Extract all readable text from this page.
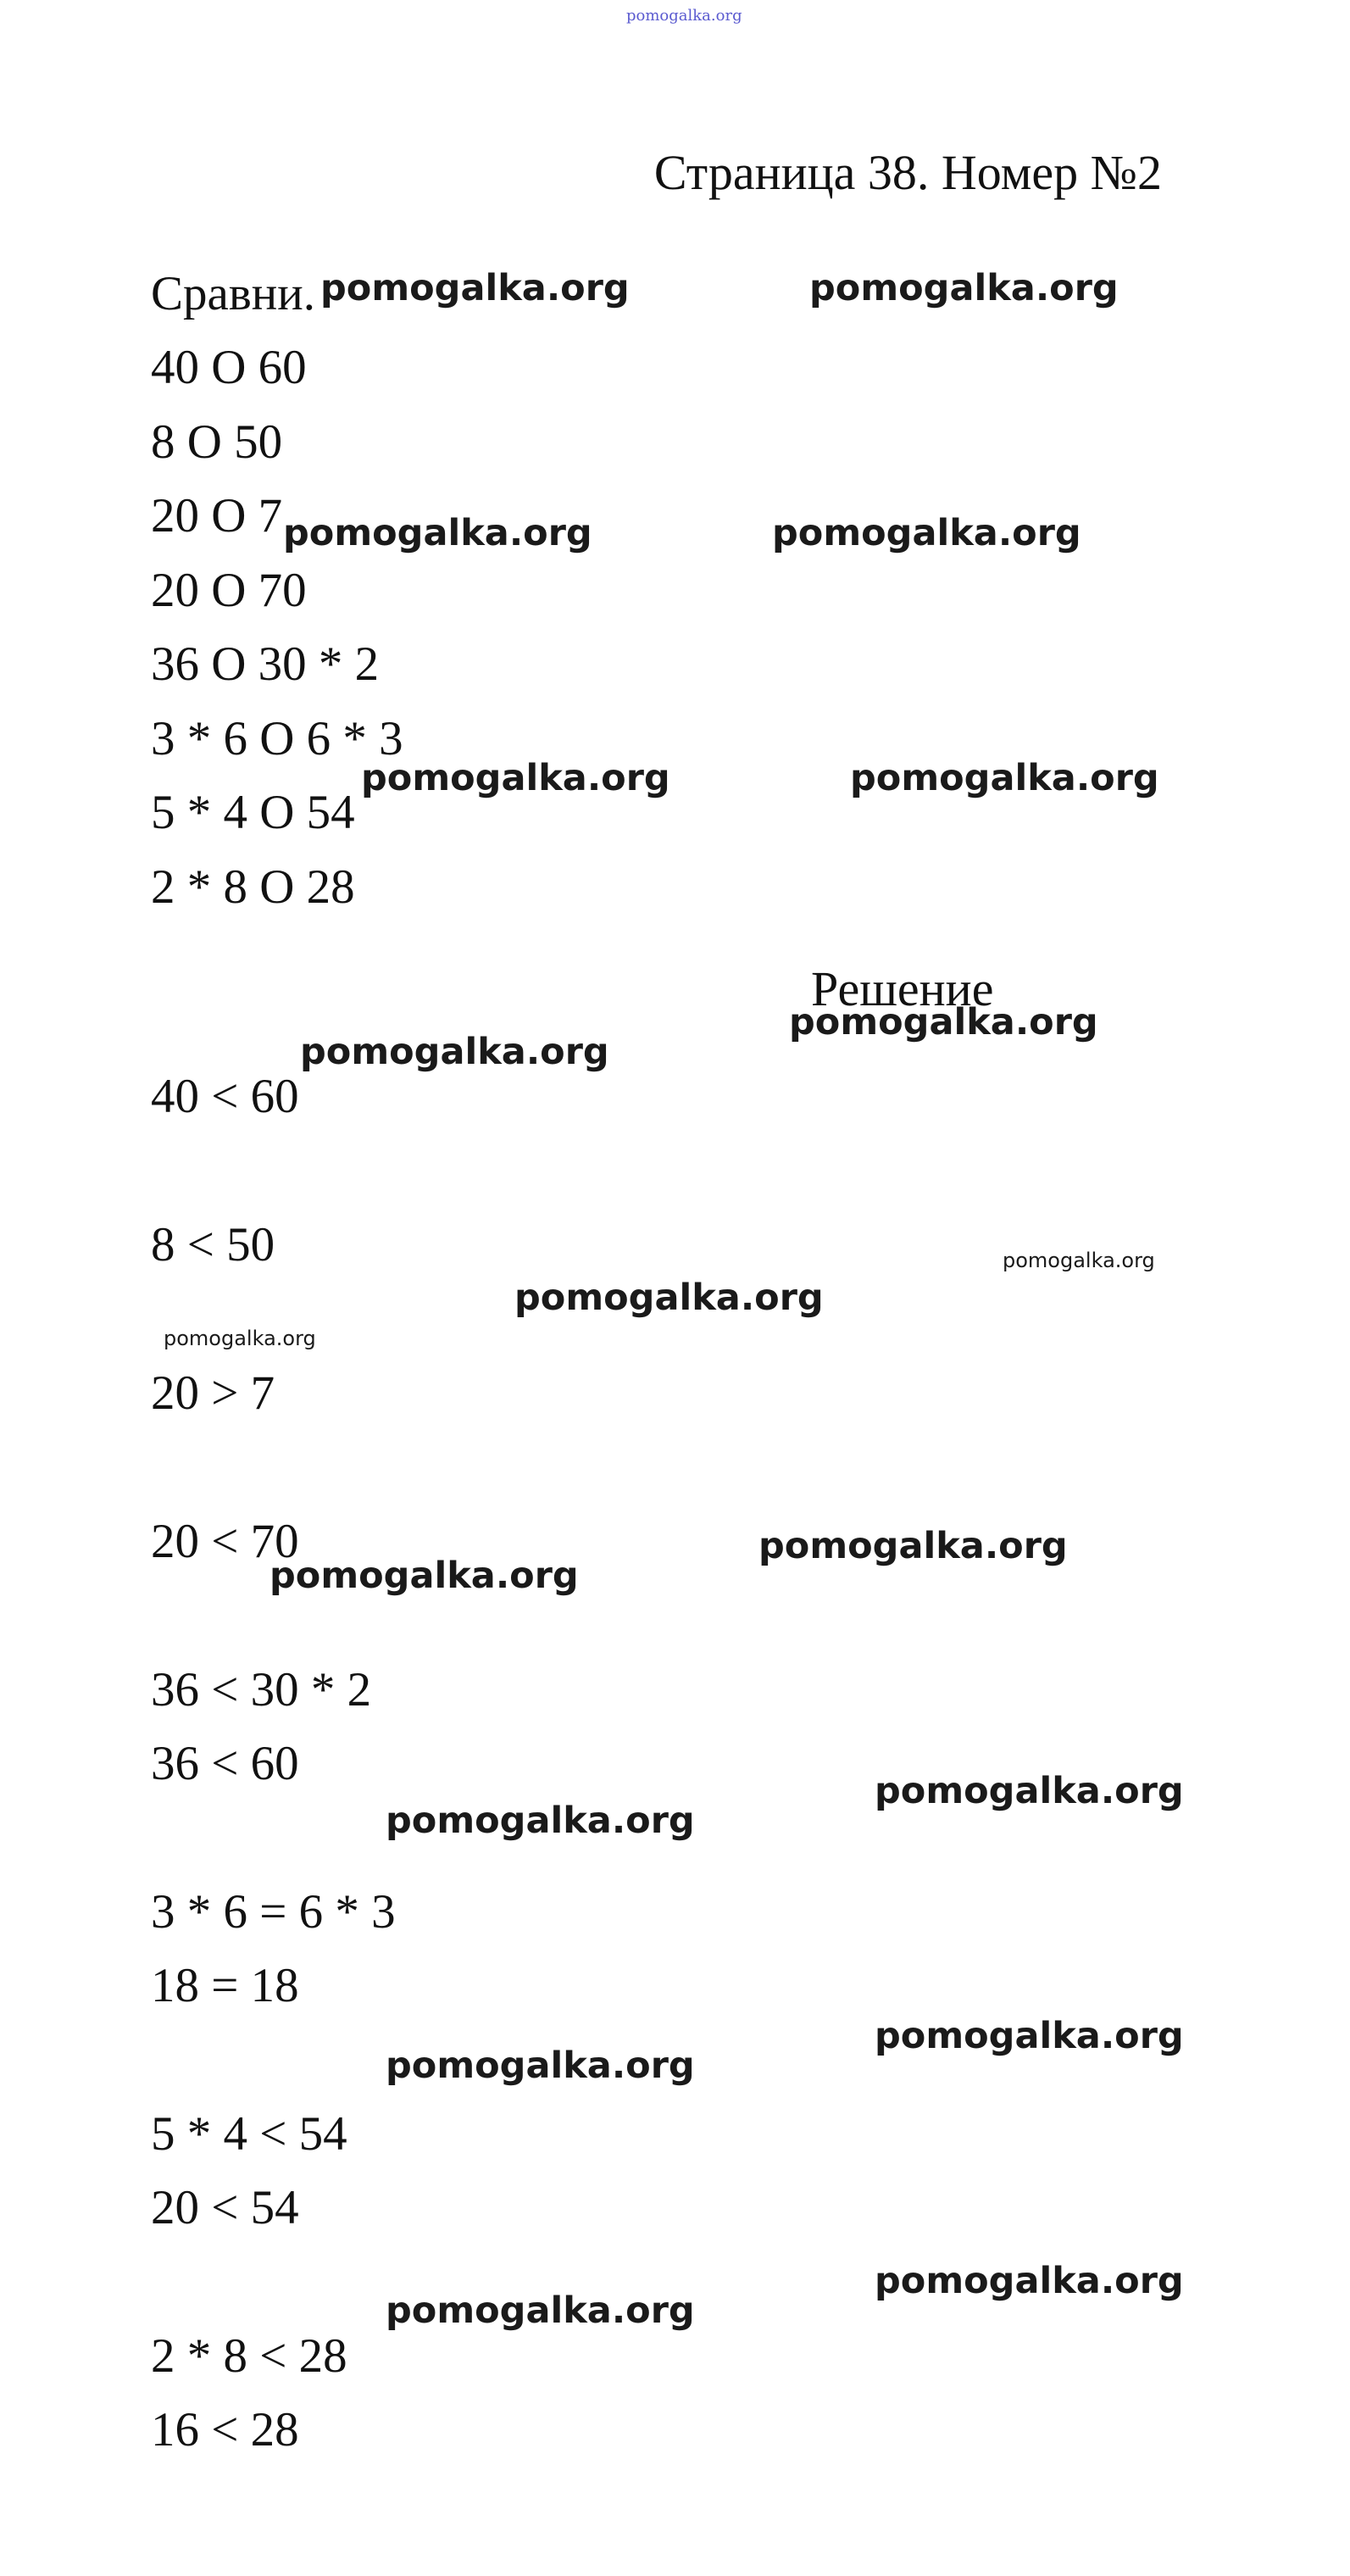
pomogalka.org
Страница 38. Номер №2
Сравни.
40 O 60
8 O 50
20 O 7
20 O 70
36 O 30 * 2
3 * 6 O 6 * 3
5 * 4 O 54
2 * 8 O 28
Решение
40 < 60
8 < 50
20 > 7
20 < 70
36 < 30 * 2
36 < 60
3 * 6 = 6 * 3
18 = 18
5 * 4 < 54
20 < 54
2 * 8 < 28
16 < 28
pomogalka.org	pomogalka.org
pomogalka.org	pomogalka.org
pomogalka.org	pomogalka.org
pomogalka.org
pomogalka.org
pomogalka.org
pomogalka.org
pomogalka.org
pomogalka.org
pomogalka.org
pomogalka.org
pomogalka.org
pomogalka.org
pomogalka.org
pomogalka.org
pomogalka.org
